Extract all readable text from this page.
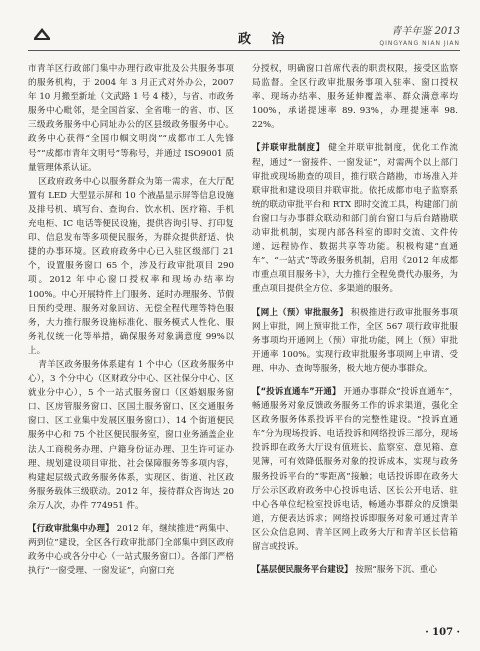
政 治
青羊年鉴 2013
QINGYANG NIAN JIAN

市青羊区行政部门集中办理行政审批及公共服务事项的服务机构，于 2004 年 3 月正式对外办公，2007 年 10 月搬至新址（文武路 1 号 4 楼），与省、市政务服务中心毗邻，是全国首家、全省唯一的省、市、区三级政务服务中心同址办公的区县级政务服务中心。政务中心获得“全国巾帼文明岗”“成都市工人先锋号”“成都市青年文明号”等称号，并通过 ISO9001 质量管理体系认证。

区政府政务中心以服务群众为第一需求，在大厅配置有 LED 大型显示屏和 10 个液晶显示屏等信息设施及排号机、填写台、查询台、饮水机、医疗箱、手机充电柜、IC 电话等便民设施，提供咨询引导、打印复印、信息发布等多项便民服务，为群众提供舒适、快捷的办事环境。区政府政务中心已入驻区级部门 21 个，设置服务窗口 65 个，涉及行政审批项目 290 项。2012 年中心窗口授权率和现场办结率均 100%。中心开展特件上门服务、延时办理服务、节假日预约受理、服务对象回访、无偿全程代理等特色服务，大力推行服务设施标准化、服务模式人性化、服务礼仪统一化等举措，确保服务对象满意度 99%以上。

青羊区政务服务体系建有 1 个中心（区政务服务中心），3 个分中心（区财政分中心、区社保分中心、区就业分中心），5 个一站式服务窗口（区婚姻服务窗口、区房管服务窗口、区国土服务窗口、区交通服务窗口、区工业集中发展区服务窗口）、14 个街道便民服务中心和 75 个社区便民服务室，窗口业务涵盖企业法人工商税务办理、户籍身份证办理、卫生许可证办理、规划建设项目审批、社会保障服务等多项内容，构建起层级式政务服务体系，实现区、街道、社区政务服务载体三级联动。2012 年，接待群众咨询达 20 余万人次，办件 774951 件。

【行政审批集中办理】 2012 年，继续推进“两集中、两到位”建设，全区各行政审批部门全部集中到区政府政务中心或各分中心（一站式服务窗口）。各部门严格执行“一窗受理、一窗发证”，向窗口充

分授权，明确窗口首席代表的职责权限，接受区监察局监督。全区行政审批服务事项入驻率、窗口授权率、现场办结率、服务延伸覆盖率、群众满意率均 100%，承诺提速率 89. 93%，办理提速率 98. 22%。

【并联审批制度】 健全并联审批制度，优化工作流程，通过“一窗接件、一窗发证”，对需两个以上部门审批或现场勘查的项目，推行联合踏勘，市场准入并联审批和建设项目并联审批。依托成都市电子监察系统的联动审批平台和 RTX 即时交流工具，构建部门前台窗口与办事群众联动和部门前台窗口与后台踏勘联动审批机制，实现内部各科室的即时交流、文件传递、远程协作、数据共享等功能。积极构建“直通车”、“一站式”等政务服务机制，启用《2012 年成都市重点项目服务卡》，大力推行全程免费代办服务，为重点项目提供全方位、多渠道的服务。

【网上（预）审批服务】 积极推进行政审批服务事项网上审批，网上预审批工作，全区 567 项行政审批服务事项均开通网上（预）审批功能，网上（预）审批开通率 100%。实现行政审批服务事项网上申请、受理、申办、查询等服务，极大地方便办事群众。

【“投诉直通车”开通】 开通办事群众“投诉直通车”，畅通服务对象反馈政务服务工作的诉求渠道，强化全区政务服务体系投诉平台的完整性建设。“投诉直通车”分为现场投诉、电话投诉和网络投诉三部分，现场投诉即在政务大厅设有值班长、监察室、意见箱、意见簿，可有效降低服务对象的投诉成本，实现与政务服务投诉平台的“零距离”接触；电话投诉即在政务大厅公示区政府政务中心投诉电话、区长公开电话、驻中心各单位纪检室投诉电话，畅通办事群众的反馈渠道，方便表达诉求；网络投诉即服务对象可通过青羊区公众信息网、青羊区网上政务大厅和青羊区长信箱留言或投诉。

【基层便民服务平台建设】 按照“服务下沉、重心

· 107 ·
